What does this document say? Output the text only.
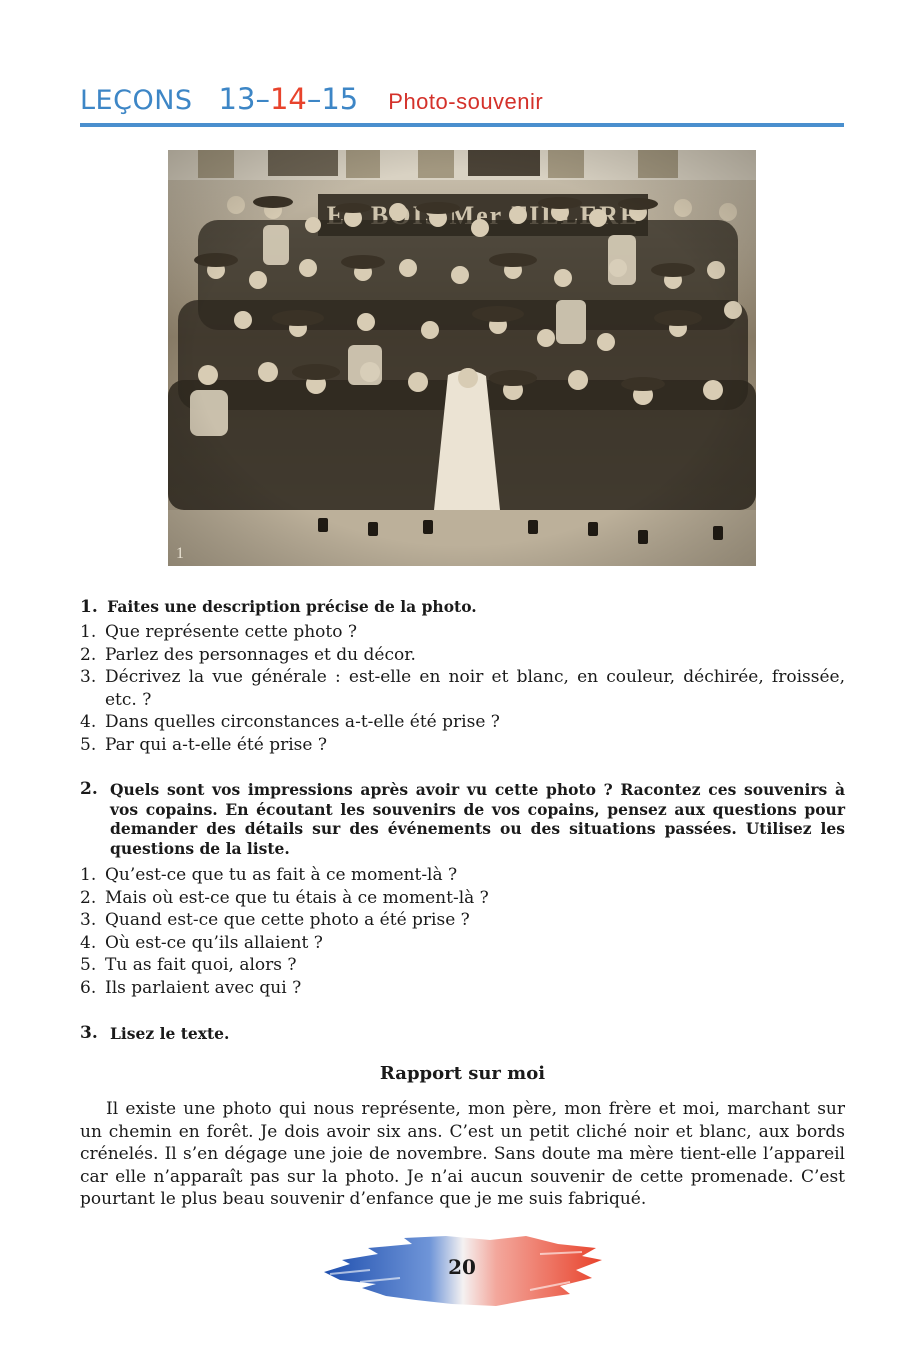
LEÇONS 13–14–15 Photo-souvenir
1
1. Faites une description précise de la photo.
1. Que représente cette photo ?
2. Parlez des personnages et du décor.
3. Décrivez la vue générale : est-elle en noir et blanc, en couleur, déchirée, froissée, etc. ?
4. Dans quelles circonstances a-t-elle été prise ?
5. Par qui a-t-elle été prise ?
2. Quels sont vos impressions après avoir vu cette photo ? Racontez ces souvenirs à vos copains. En écoutant les souvenirs de vos copains, pensez aux questions pour demander des détails sur des événements ou des situations passées. Utilisez les questions de la liste.
1. Qu’est-ce que tu as fait à ce moment-là ?
2. Mais où est-ce que tu étais à ce moment-là ?
3. Quand est-ce que cette photo a été prise ?
4. Où est-ce qu’ils allaient ?
5. Tu as fait quoi, alors ?
6. Ils parlaient avec qui ?
3. Lisez le texte.
Rapport sur moi

Il existe une photo qui nous représente, mon père, mon frère et moi, marchant sur un chemin en forêt. Je dois avoir six ans. C’est un petit cliché noir et blanc, aux bords crénelés. Il s’en dégage une joie de novembre. Sans doute ma mère tient-elle l’appareil car elle n’apparaît pas sur la photo. Je n’ai aucun souvenir de cette promenade. C’est pourtant le plus beau souvenir d’enfance que je me suis fabriqué.

20
